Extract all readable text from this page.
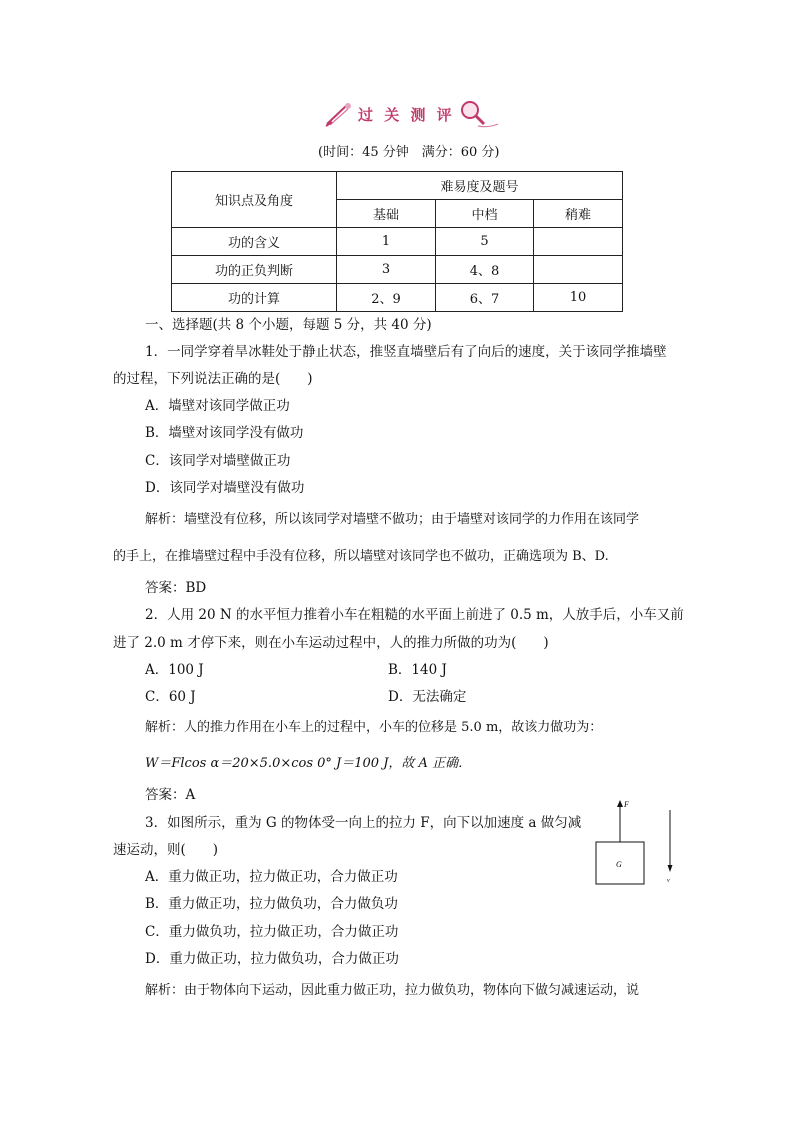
过 关 测 评
(时间：45 分钟　满分：60 分)
知识点及角度	难易度及题号		
	基础	中档	稍难
功的含义	1	5	
功的正负判断	3	4、8	
功的计算	2、9	6、7	10
一、选择题(共 8 个小题，每题 5 分，共 40 分)
1．一同学穿着旱冰鞋处于静止状态，推竖直墙壁后有了向后的速度，关于该同学推墙壁
的过程，下列说法正确的是(　　)
A．墙壁对该同学做正功
B．墙壁对该同学没有做功
C．该同学对墙壁做正功
D．该同学对墙壁没有做功
解析：墙壁没有位移，所以该同学对墙壁不做功；由于墙壁对该同学的力作用在该同学
的手上，在推墙壁过程中手没有位移，所以墙壁对该同学也不做功，正确选项为 B、D.
答案：BD
2．人用 20 N 的水平恒力推着小车在粗糙的水平面上前进了 0.5 m，人放手后，小车又前
进了 2.0 m 才停下来，则在小车运动过程中，人的推力所做的功为(　　)
A．100 J	B．140 J
C．60 J	D．无法确定
解析：人的推力作用在小车上的过程中，小车的位移是 5.0 m，故该力做功为：
W＝Flcos α＝20×5.0×cos 0° J＝100 J，故 A 正确．
答案：A
3．如图所示，重为 G 的物体受一向上的拉力 F，向下以加速度 a 做匀减
速运动，则(　　)
A．重力做正功，拉力做正功，合力做正功
B．重力做正功，拉力做负功，合力做负功
C．重力做负功，拉力做正功，合力做正功
D．重力做正功，拉力做负功，合力做正功
解析：由于物体向下运动，因此重力做正功，拉力做负功，物体向下做匀减速运动，说
F
G
v
